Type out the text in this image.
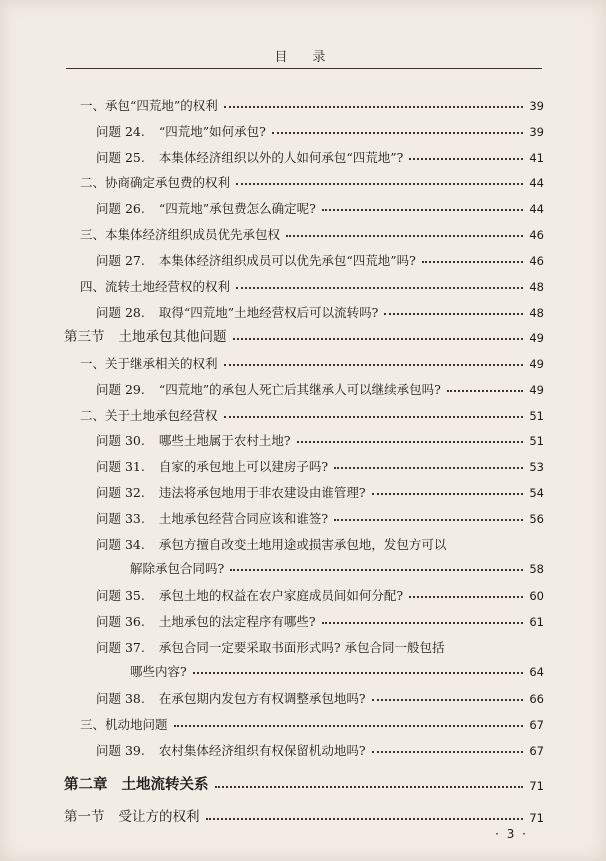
目　录
一、承包“四荒地”的权利	39
问题 24. “四荒地”如何承包?	39
问题 25. 本集体经济组织以外的人如何承包“四荒地”?	41
二、协商确定承包费的权利	44
问题 26. “四荒地”承包费怎么确定呢?	44
三、本集体经济组织成员优先承包权	46
问题 27. 本集体经济组织成员可以优先承包“四荒地”吗?	46
四、流转土地经营权的权利	48
问题 28. 取得“四荒地”土地经营权后可以流转吗?	48
第三节 土地承包其他问题	49
一、关于继承相关的权利	49
问题 29. “四荒地”的承包人死亡后其继承人可以继续承包吗?	49
二、关于土地承包经营权	51
问题 30. 哪些土地属于农村土地?	51
问题 31. 自家的承包地上可以建房子吗?	53
问题 32. 违法将承包地用于非农建设由谁管理?	54
问题 33. 土地承包经营合同应该和谁签?	56
问题 34. 承包方擅自改变土地用途或损害承包地，发包方可以
解除承包合同吗?	58
问题 35. 承包土地的权益在农户家庭成员间如何分配?	60
问题 36. 土地承包的法定程序有哪些?	61
问题 37. 承包合同一定要采取书面形式吗? 承包合同一般包括
哪些内容?	64
问题 38. 在承包期内发包方有权调整承包地吗?	66
三、机动地问题	67
问题 39. 农村集体经济组织有权保留机动地吗?	67
第二章 土地流转关系	71
第一节 受让方的权利	71
· 3 ·
